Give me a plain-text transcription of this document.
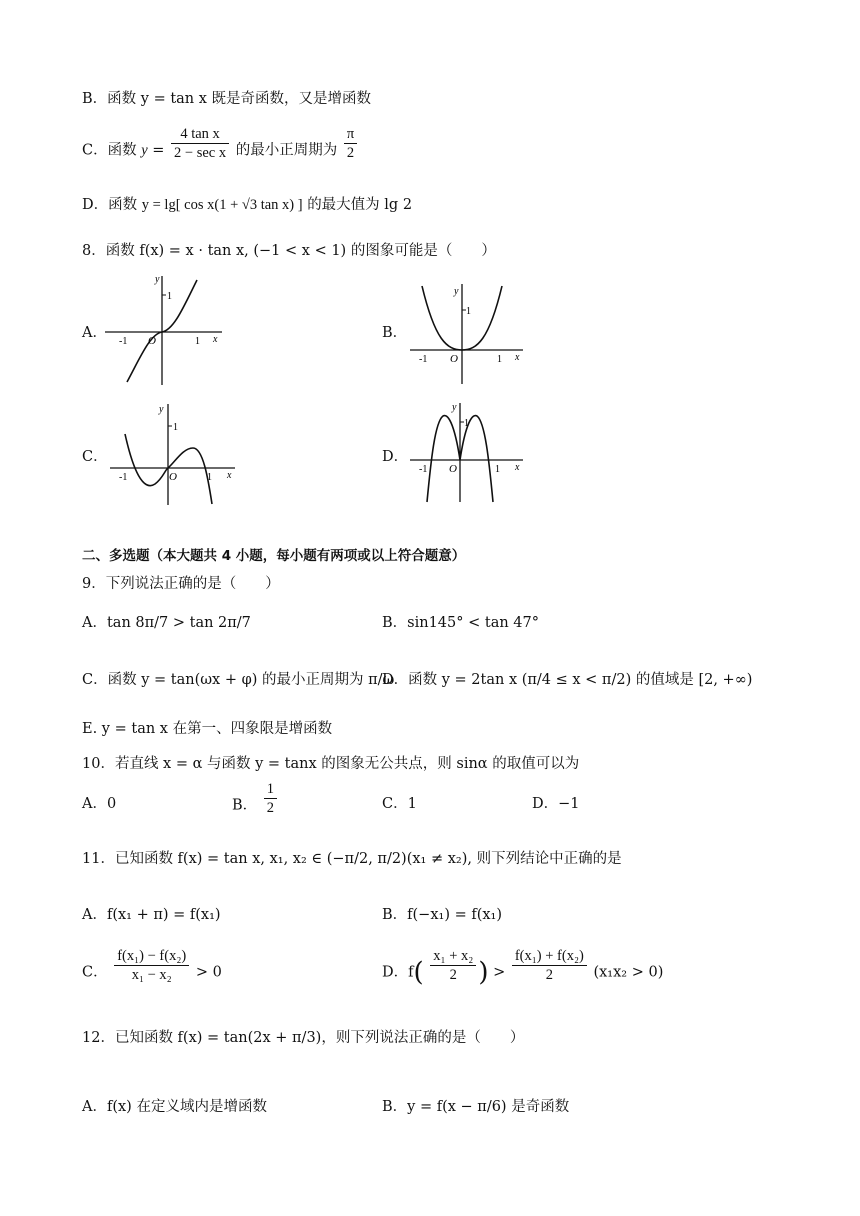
B．函数 y = tan x 既是奇函数，又是增函数
C．函数 $y = \frac{\text{4 tan x}}{\text{2 − sec x}}$ 的最小正周期为 $\frac{\pi}{2}$
D．函数 y = lg[ cos x(1 + √3 tan x) ] 的最大值为 lg 2
8．函数 f(x) = x · tan x, (−1 < x < 1) 的图象可能是（　　）
A．
y
1
-1 O	1 x	B．
y
1
-1 O	1 x
C．
y
1
-1	O	1 x
D．
y
1
-1 O	1 x
二、多选题（本大题共 4 小题，每小题有两项或以上符合题意）
9．下列说法正确的是（　　）
A．tan 8π/7 > tan 2π/7	B．sin145° < tan 47°
C．函数 y = tan(ωx + φ) 的最小正周期为 π/ω
D．函数 y = 2tan x (π/4 ≤ x < π/2) 的值域是 [2, +∞)
E. y = tan x 在第一、四象限是增函数
10．若直线 x = α 与函数 y = tanx 的图象无公共点，则 sinα 的取值可以为
A．0	B． $\frac{1}{2}$	C．1	D．−1
11．已知函数 f(x) = tan x, x₁, x₂ ∈ (−π/2, π/2)(x₁ ≠ x₂), 则下列结论中正确的是
A．f(x₁ + π) = f(x₁)	B．f(−x₁) = f(x₁)
C． $\frac{\text{f(x₁) − f(x₂)}}{\text{x₁ − x₂}} > 0$	D．$f( \frac{\text{x₁ + x₂}}{2}$ ) > $\frac{\text{f(x₁) + f(x₂)}}{2} (x_1x_2 > 0)$
12．已知函数 f(x) = tan(2x + π/3)，则下列说法正确的是（　　）
A．f(x) 在定义域内是增函数	B．y = f(x − π/6) 是奇函数
